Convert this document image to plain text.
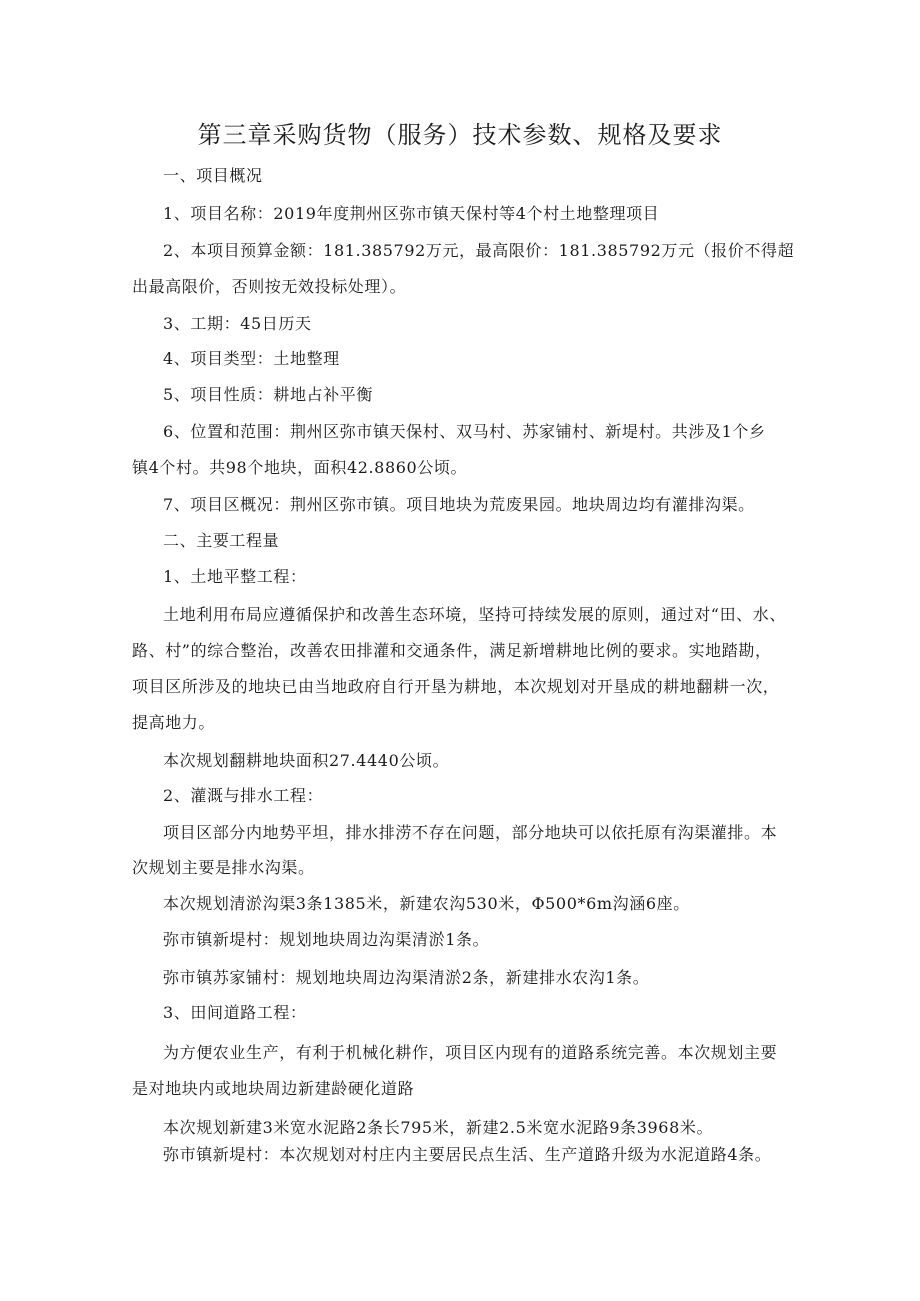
第三章采购货物（服务）技术参数、规格及要求
一、项目概况
1、项目名称：2019年度荆州区弥市镇天保村等4个村土地整理项目
2、本项目预算金额：181.385792万元，最高限价：181.385792万元（报价不得超
出最高限价，否则按无效投标处理）。
3、工期：45日历天
4、项目类型：土地整理
5、项目性质：耕地占补平衡
6、位置和范围：荆州区弥市镇天保村、双马村、苏家铺村、新堤村。共涉及1个乡
镇4个村。共98个地块，面积42.8860公顷。
7、项目区概况：荆州区弥市镇。项目地块为荒废果园。地块周边均有灌排沟渠。
二、主要工程量
1、土地平整工程：
土地利用布局应遵循保护和改善生态环境，坚持可持续发展的原则，通过对“田、水、
路、村”的综合整治，改善农田排灌和交通条件，满足新增耕地比例的要求。实地踏勘，
项目区所涉及的地块已由当地政府自行开垦为耕地，本次规划对开垦成的耕地翻耕一次，
提高地力。
本次规划翻耕地块面积27.4440公顷。
2、灌溉与排水工程：
项目区部分内地势平坦，排水排涝不存在问题，部分地块可以依托原有沟渠灌排。本
次规划主要是排水沟渠。
本次规划清淤沟渠3条1385米，新建农沟530米，Φ500*6m沟涵6座。
弥市镇新堤村：规划地块周边沟渠清淤1条。
弥市镇苏家铺村：规划地块周边沟渠清淤2条，新建排水农沟1条。
3、田间道路工程：
为方便农业生产，有利于机械化耕作，项目区内现有的道路系统完善。本次规划主要
是对地块内或地块周边新建龄硬化道路
本次规划新建3米宽水泥路2条长795米，新建2.5米宽水泥路9条3968米。
弥市镇新堤村：本次规划对村庄内主要居民点生活、生产道路升级为水泥道路4条。
